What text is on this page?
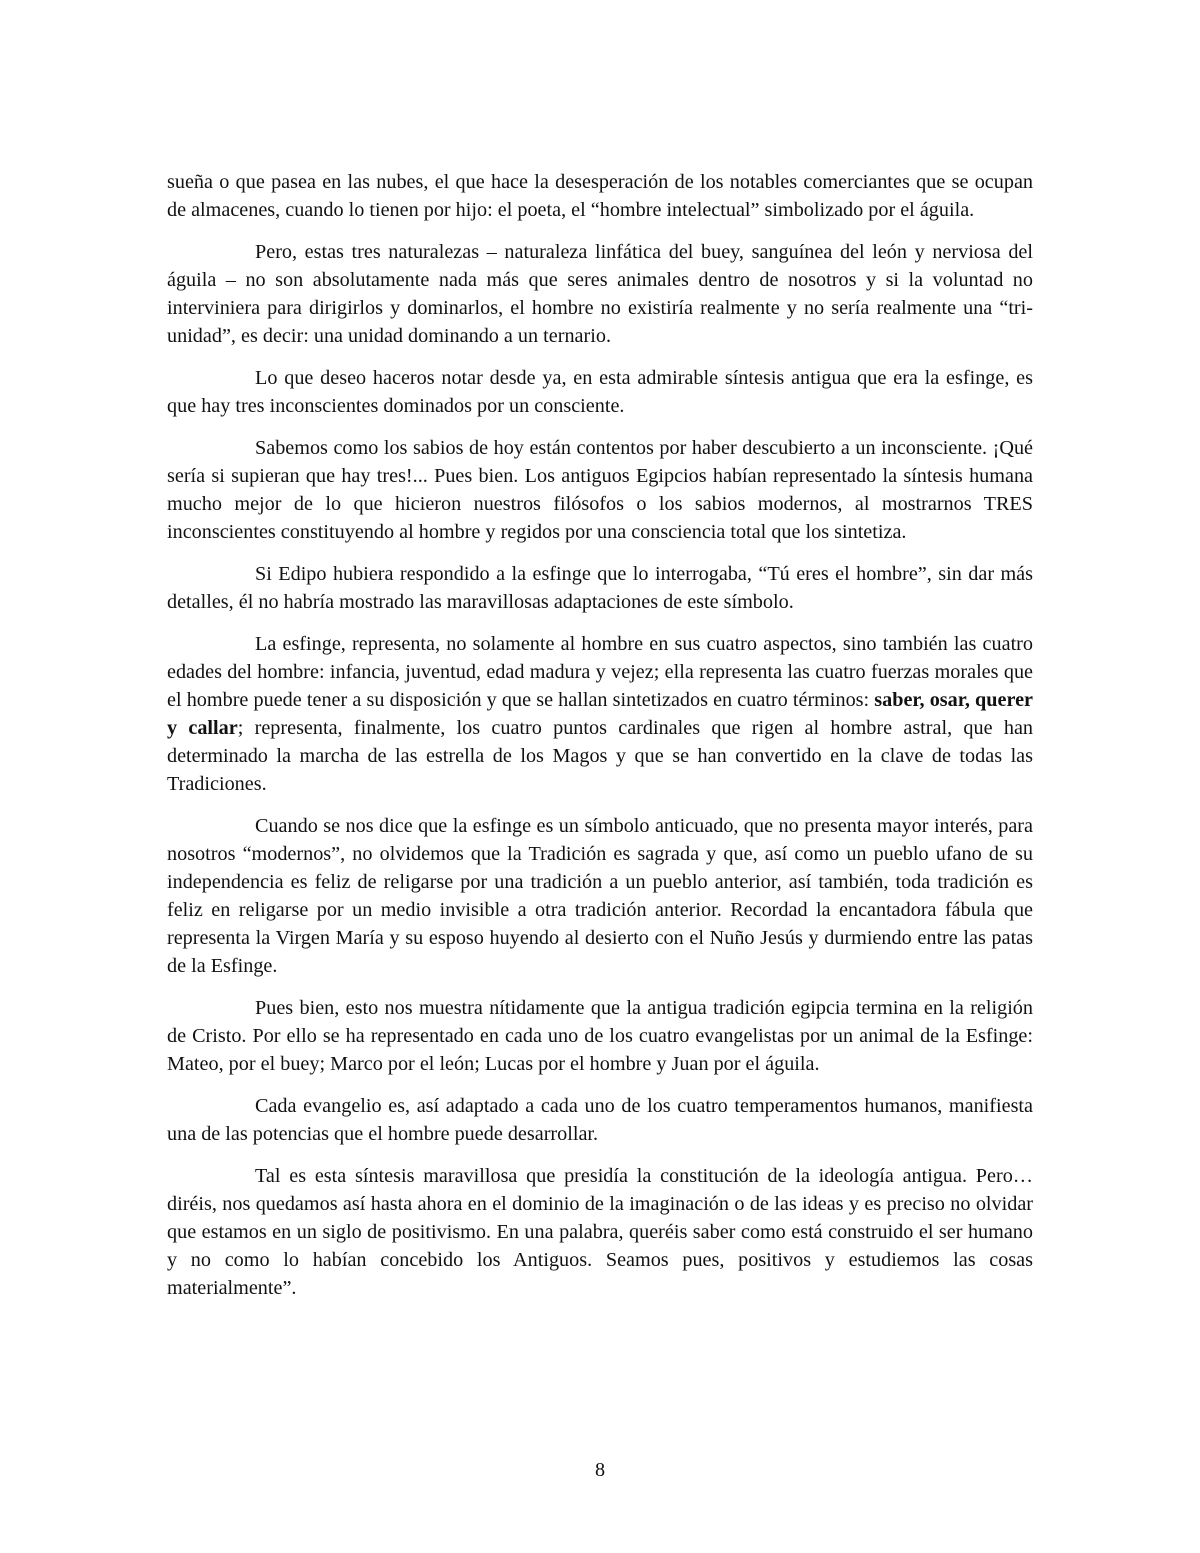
sueña o que pasea en las nubes, el que hace la desesperación de los notables comerciantes que se ocupan de almacenes, cuando lo tienen por hijo: el poeta, el “hombre intelectual” simbolizado por el águila.

Pero, estas tres naturalezas – naturaleza linfática del buey, sanguínea del león y nerviosa del águila – no son absolutamente nada más que seres animales dentro de nosotros y si la voluntad no interviniera para dirigirlos y dominarlos, el hombre no existiría realmente y no sería realmente una “tri-unidad”, es decir: una unidad dominando a un ternario.

Lo que deseo haceros notar desde ya, en esta admirable síntesis antigua que era la esfinge, es que hay tres inconscientes dominados por un consciente.

Sabemos como los sabios de hoy están contentos por haber descubierto a un inconsciente. ¡Qué sería si supieran que hay tres!... Pues bien. Los antiguos Egipcios habían representado la síntesis humana mucho mejor de lo que hicieron nuestros filósofos o los sabios modernos, al mostrarnos TRES inconscientes constituyendo al hombre y regidos por una consciencia total que los sintetiza.

Si Edipo hubiera respondido a la esfinge que lo interrogaba, “Tú eres el hombre”, sin dar más detalles, él no habría mostrado las maravillosas adaptaciones de este símbolo.

La esfinge, representa, no solamente al hombre en sus cuatro aspectos, sino también las cuatro edades del hombre: infancia, juventud, edad madura y vejez; ella representa las cuatro fuerzas morales que el hombre puede tener a su disposición y que se hallan sintetizados en cuatro términos: saber, osar, querer y callar; representa, finalmente, los cuatro puntos cardinales que rigen al hombre astral, que han determinado la marcha de las estrella de los Magos y que se han convertido en la clave de todas las Tradiciones.

Cuando se nos dice que la esfinge es un símbolo anticuado, que no presenta mayor interés, para nosotros “modernos”, no olvidemos que la Tradición es sagrada y que, así como un pueblo ufano de su independencia es feliz de religarse por una tradición a un pueblo anterior, así también, toda tradición es feliz en religarse por un medio invisible a otra tradición anterior. Recordad la encantadora fábula que representa la Virgen María y su esposo huyendo al desierto con el Nuño Jesús y durmiendo entre las patas de la Esfinge.

Pues bien, esto nos muestra nítidamente que la antigua tradición egipcia termina en la religión de Cristo. Por ello se ha representado en cada uno de los cuatro evangelistas por un animal de la Esfinge: Mateo, por el buey; Marco por el león; Lucas por el hombre y Juan por el águila.

Cada evangelio es, así adaptado a cada uno de los cuatro temperamentos humanos, manifiesta una de las potencias que el hombre puede desarrollar.

Tal es esta síntesis maravillosa que presidía la constitución de la ideología antigua. Pero… diréis, nos quedamos así hasta ahora en el dominio de la imaginación o de las ideas y es preciso no olvidar que estamos en un siglo de positivismo. En una palabra, queréis saber como está construido el ser humano y no como lo habían concebido los Antiguos. Seamos pues, positivos y estudiemos las cosas materialmente”.

8
